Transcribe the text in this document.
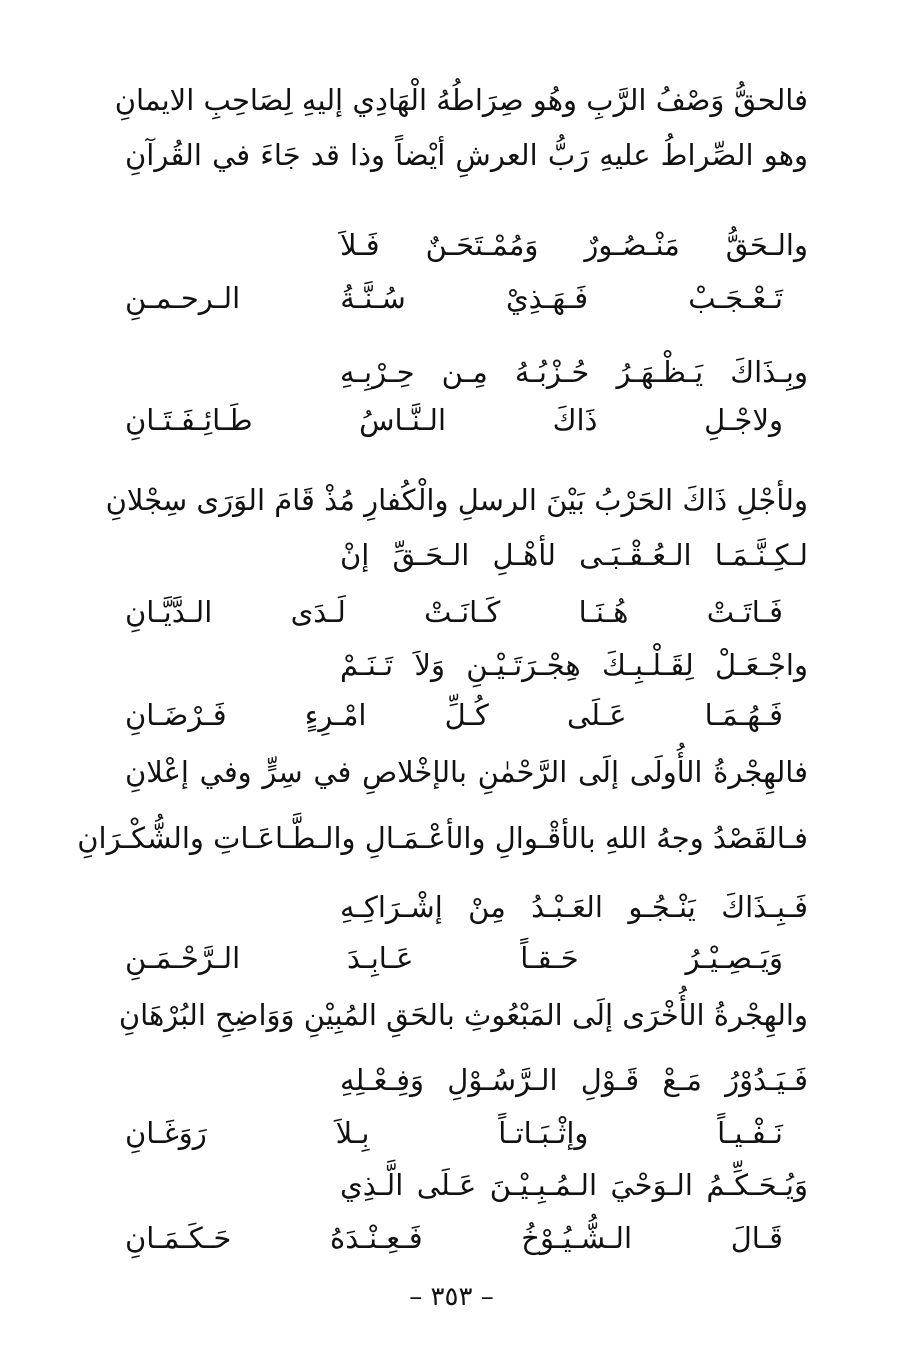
فالحقُّ وَصْفُ الرَّبِ وهُو صِرَاطُهُ الْهَادِي إليهِ لِصَاحِبِ الايمانِ
وهو الصِّراطُ عليهِ رَبُّ العرشِ أيْضاً وذا قد جَاءَ في القُرآنِ
والـحَقُّ مَنْـصُـورٌ وَمُمْـتَحَـنٌ فَـلاَ
تَـعْـجَـبْ فَـهَـذِيْ سُـنَّـةُ الـرحـمـنِ
وبِـذَاكَ يَـظْـهَـرُ حُـزْبُـهُ مِـن حِـرْبِـهِ
ولاجْـلِ ذَاكَ الـنَّـاسُ طَـائِـفَـتَـانِ
ولأجْلِ ذَاكَ الحَرْبُ بَيْنَ الرسلِ والْكُفارِ مُذْ قَامَ الوَرَى سِجْلانِ
لـكِـنَّـمَـا الـعُـقْـبَـى لأهْـلِ الـحَـقِّ إنْ
فَـاتَـتْ هُـنَـا كَـانَـتْ لَـدَى الـدَّيَّـانِ
واجْـعَـلْ لِقَـلْـبِـكَ هِجْـرَتَـيْـنِ وَلاَ تَـنَـمْ
فَـهُـمَـا عَـلَى كُـلِّ امْـرِءٍ فَـرْضَـانِ
فالهِجْرةُ الأُولَى إلَى الرَّحْمٰنِ بالإخْلاصِ في سِرٍّ وفي إعْلانِ
فـالقَصْدُ وجهُ اللهِ بالأقْـوالِ والأعْـمَـالِ والـطَّـاعَـاتِ والشُّكْـرَانِ
فَـبِـذَاكَ يَنْـجُـو العَـبْـدُ مِنْ إشْـرَاكِـهِ
وَيَـصِـيْـرُ حَـقـاً عَـابِـدَ الـرَّحْـمَـنِ
والهِجْرةُ الأُخْرَى إلَى المَبْعُوثِ بالحَقِ المُبِيْنِ وَوَاضِحِ البُرْهَانِ
فَـيَـدُوْرُ مَـعْ قَـوْلِ الـرَّسُـوْلِ وَفِـعْـلِهِ
نَـفْـيـاً وإثْـبَـاتـاً بِـلاَ رَوَغَـانِ
وَيُـحَـكِّـمُ الـوَحْيَ الـمُـبِـيْـنَ عَـلَى الَّـذِي
قَـالَ الـشُّـيُـوْخُ فَـعِـنْـدَهُ حَـكَـمَـانِ
– ٣٥٣ –
